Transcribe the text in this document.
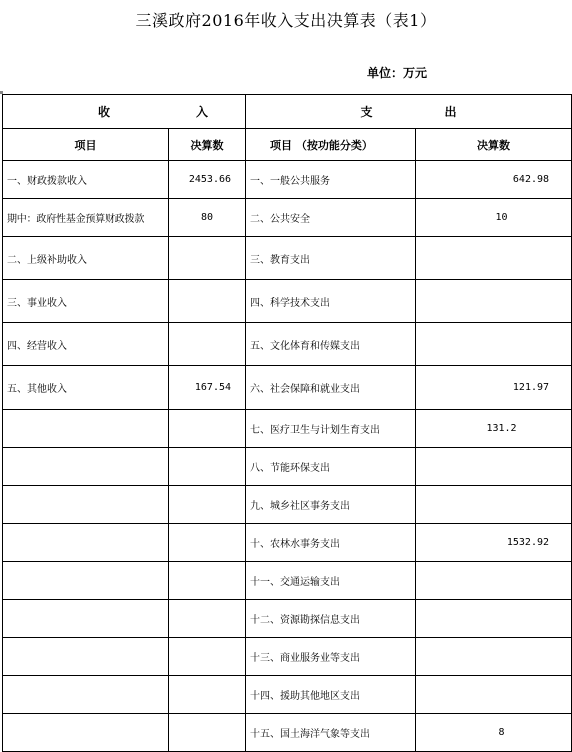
三溪政府2016年收入支出决算表（表1）
单位：万元
收 入		支 出	
项目	决算数	项目 （按功能分类）	决算数
一、财政拨款收入	2453.66	一、一般公共服务	642.98
期中：政府性基金预算财政拨款	80	二、公共安全	10
二、上级补助收入		三、教育支出	
三、事业收入		四、科学技术支出	
四、经营收入		五、文化体育和传媒支出	
五、其他收入	167.54	六、社会保障和就业支出	121.97
		七、医疗卫生与计划生育支出	131.2
		八、节能环保支出	
		九、城乡社区事务支出	
		十、农林水事务支出	1532.92
		十一、交通运输支出	
		十二、资源勘探信息支出	
		十三、商业服务业等支出	
		十四、援助其他地区支出	
		十五、国土海洋气象等支出	8
